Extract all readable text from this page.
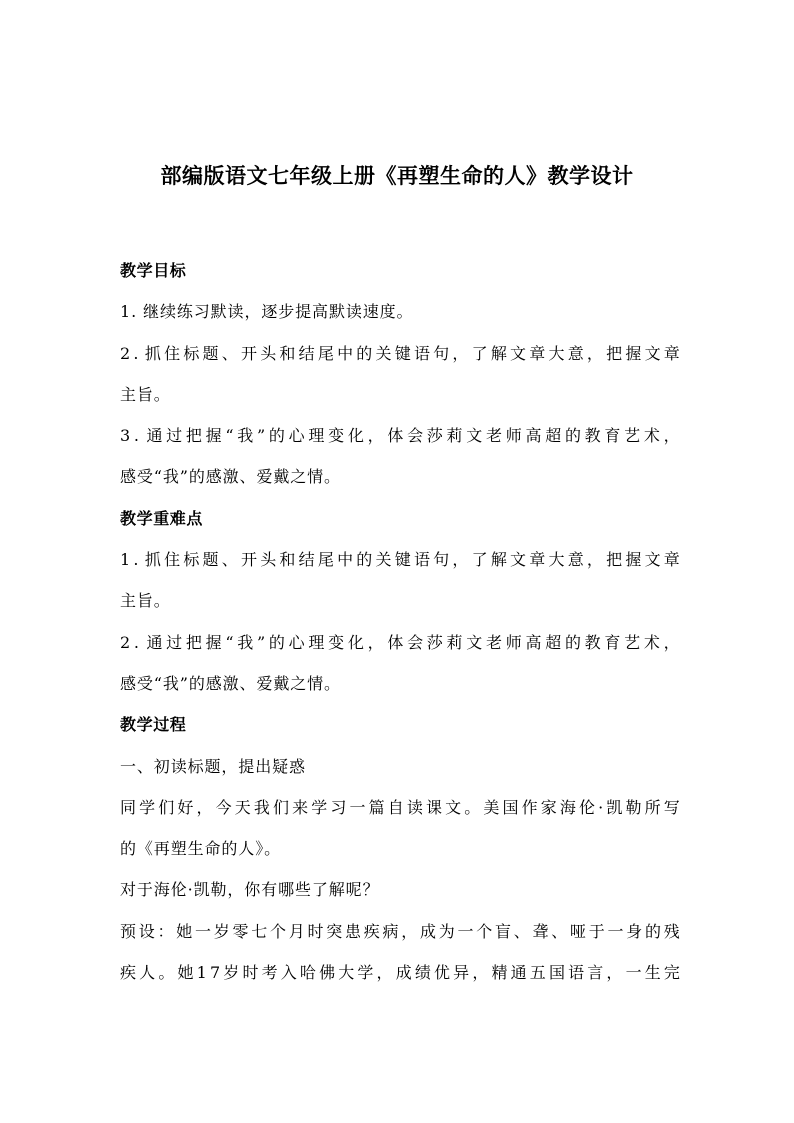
部编版语文七年级上册《再塑生命的人》教学设计
教学目标
1. 继续练习默读，逐步提高默读速度。
2 . 抓 住 标 题 、 开 头 和 结 尾 中 的 关 键 语 句 ， 了 解 文 章 大 意 ， 把 握 文 章
主旨。
3 . 通 过 把 握 “ 我 ” 的 心 理 变 化 ， 体 会 莎 莉 文 老 师 高 超 的 教 育 艺 术 ，
感受“我”的感激、爱戴之情。
教学重难点
1 . 抓 住 标 题 、 开 头 和 结 尾 中 的 关 键 语 句 ， 了 解 文 章 大 意 ， 把 握 文 章
主旨。
2 . 通 过 把 握 “ 我 ” 的 心 理 变 化 ， 体 会 莎 莉 文 老 师 高 超 的 教 育 艺 术 ，
感受“我”的感激、爱戴之情。
教学过程
一、初读标题，提出疑惑
同 学 们 好 ， 今 天 我 们 来 学 习 一 篇 自 读 课 文 。 美 国 作 家 海 伦 · 凯 勒 所 写
的《再塑生命的人》。
对于海伦·凯勒，你有哪些了解呢？
预 设 ： 她 一 岁 零 七 个 月 时 突 患 疾 病 ， 成 为 一 个 盲 、 聋 、 哑 于 一 身 的 残
疾 人 。 她 1 7 岁 时 考 入 哈 佛 大 学 ， 成 绩 优 异 ， 精 通 五 国 语 言 ， 一 生 完
